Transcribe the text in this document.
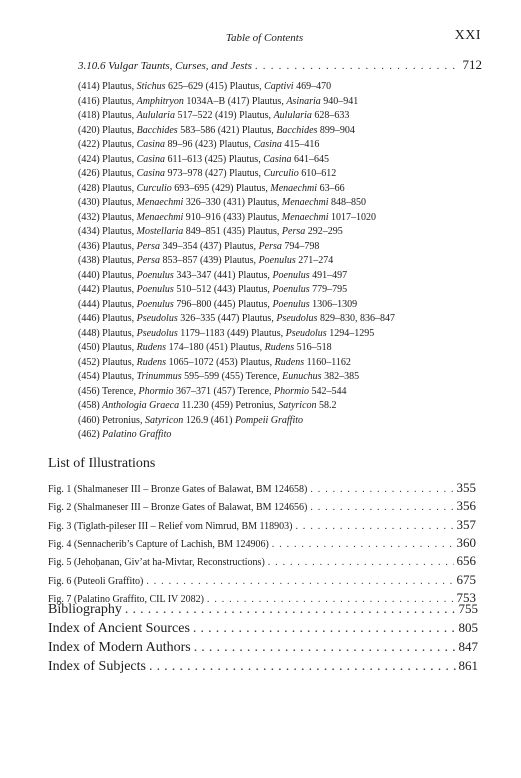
Table of Contents	XXI
3.10.6 Vulgar Taunts, Curses, and Jests . . .	712
(414) Plautus, Stichus 625–629 (415) Plautus, Captivi 469–470
(416) Plautus, Amphitryon 1034A–B (417) Plautus, Asinaria 940–941
(418) Plautus, Aulularia 517–522 (419) Plautus, Aulularia 628–633
(420) Plautus, Bacchides 583–586 (421) Plautus, Bacchides 899–904
(422) Plautus, Casina 89–96 (423) Plautus, Casina 415–416
(424) Plautus, Casina 611–613 (425) Plautus, Casina 641–645
(426) Plautus, Casina 973–978 (427) Plautus, Curculio 610–612
(428) Plautus, Curculio 693–695 (429) Plautus, Menaechmi 63–66
(430) Plautus, Menaechmi 326–330 (431) Plautus, Menaechmi 848–850
(432) Plautus, Menaechmi 910–916 (433) Plautus, Menaechmi 1017–1020
(434) Plautus, Mostellaria 849–851 (435) Plautus, Persa 292–295
(436) Plautus, Persa 349–354 (437) Plautus, Persa 794–798
(438) Plautus, Persa 853–857 (439) Plautus, Poenulus 271–274
(440) Plautus, Poenulus 343–347 (441) Plautus, Poenulus 491–497
(442) Plautus, Poenulus 510–512 (443) Plautus, Poenulus 779–795
(444) Plautus, Poenulus 796–800 (445) Plautus, Poenulus 1306–1309
(446) Plautus, Pseudolus 326–335 (447) Plautus, Pseudolus 829–830, 836–847
(448) Plautus, Pseudolus 1179–1183 (449) Plautus, Pseudolus 1294–1295
(450) Plautus, Rudens 174–180 (451) Plautus, Rudens 516–518
(452) Plautus, Rudens 1065–1072 (453) Plautus, Rudens 1160–1162
(454) Plautus, Trinummus 595–599 (455) Terence, Eunuchus 382–385
(456) Terence, Phormio 367–371 (457) Terence, Phormio 542–544
(458) Anthologia Graeca 11.230 (459) Petronius, Satyricon 58.2
(460) Petronius, Satyricon 126.9 (461) Pompeii Graffito
(462) Palatino Graffito
List of Illustrations
Fig. 1 (Shalmaneser III – Bronze Gates of Balawat, BM 124658) . . .	355
Fig. 2 (Shalmaneser III – Bronze Gates of Balawat, BM 124656) . . .	356
Fig. 3 (Tiglath-pileser III – Relief vom Nimrud, BM 118903) . . .	357
Fig. 4 (Sennacherib’s Capture of Lachish, BM 124906) . . .	360
Fig. 5 (Jehoḥanan, Giv’at ha-Mivtar, Reconstructions) . . .	656
Fig. 6 (Puteoli Graffito) . . .	675
Fig. 7 (Palatino Graffito, CIL IV 2082) . . .	753
Bibliography . . .	755
Index of Ancient Sources . . .	805
Index of Modern Authors . . .	847
Index of Subjects . . .	861
